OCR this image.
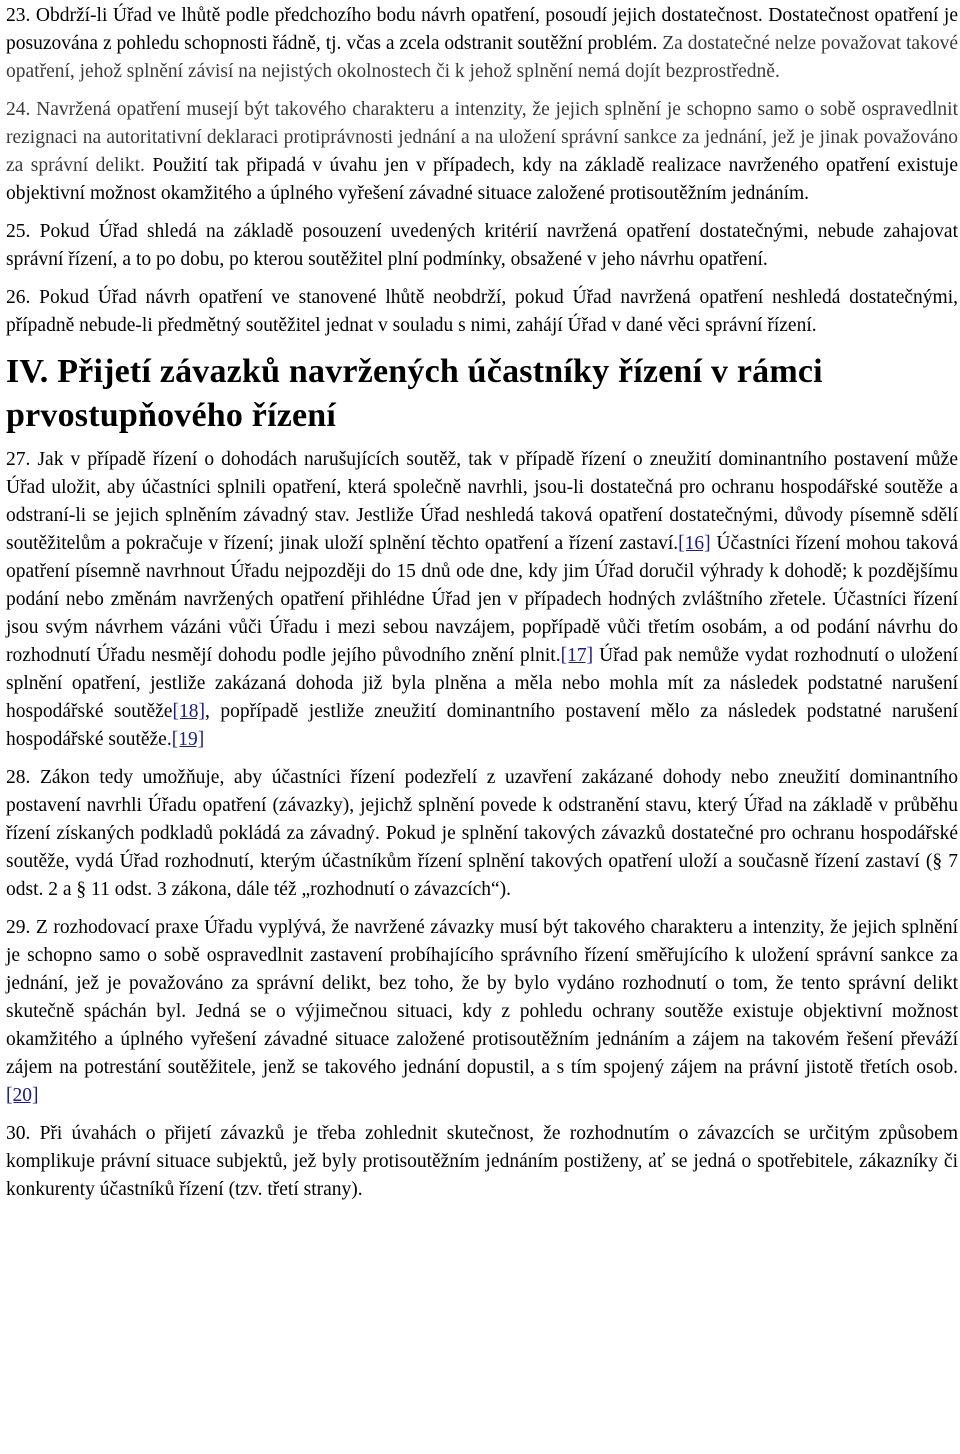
23. Obdrží-li Úřad ve lhůtě podle předchozího bodu návrh opatření, posoudí jejich dostatečnost. Dostatečnost opatření je posuzována z pohledu schopnosti řádně, tj. včas a zcela odstranit soutěžní problém. Za dostatečné nelze považovat takové opatření, jehož splnění závisí na nejistých okolnostech či k jehož splnění nemá dojít bezprostředně.

24. Navržená opatření musejí být takového charakteru a intenzity, že jejich splnění je schopno samo o sobě ospravedlnit rezignaci na autoritativní deklaraci protiprávnosti jednání a na uložení správní sankce za jednání, jež je jinak považováno za správní delikt. Použití tak připadá v úvahu jen v případech, kdy na základě realizace navrženého opatření existuje objektivní možnost okamžitého a úplného vyřešení závadné situace založené protisoutěžním jednáním.

25. Pokud Úřad shledá na základě posouzení uvedených kritérií navržená opatření dostatečnými, nebude zahajovat správní řízení, a to po dobu, po kterou soutěžitel plní podmínky, obsažené v jeho návrhu opatření.

26. Pokud Úřad návrh opatření ve stanovené lhůtě neobdrží, pokud Úřad navržená opatření neshledá dostatečnými, případně nebude-li předmětný soutěžitel jednat v souladu s nimi, zahájí Úřad v dané věci správní řízení.

IV. Přijetí závazků navržených účastníky řízení v rámci prvostupňového řízení

27. Jak v případě řízení o dohodách narušujících soutěž, tak v případě řízení o zneužití dominantního postavení může Úřad uložit, aby účastníci splnili opatření, která společně navrhli, jsou-li dostatečná pro ochranu hospodářské soutěže a odstraní-li se jejich splněním závadný stav. Jestliže Úřad neshledá taková opatření dostatečnými, důvody písemně sdělí soutěžitelům a pokračuje v řízení; jinak uloží splnění těchto opatření a řízení zastaví.[16] Účastníci řízení mohou taková opatření písemně navrhnout Úřadu nejpozději do 15 dnů ode dne, kdy jim Úřad doručil výhrady k dohodě; k pozdějšímu podání nebo změnám navržených opatření přihlédne Úřad jen v případech hodných zvláštního zřetele. Účastníci řízení jsou svým návrhem vázáni vůči Úřadu i mezi sebou navzájem, popřípadě vůči třetím osobám, a od podání návrhu do rozhodnutí Úřadu nesmějí dohodu podle jejího původního znění plnit.[17] Úřad pak nemůže vydat rozhodnutí o uložení splnění opatření, jestliže zakázaná dohoda již byla plněna a měla nebo mohla mít za následek podstatné narušení hospodářské soutěže[18], popřípadě jestliže zneužití dominantního postavení mělo za následek podstatné narušení hospodářské soutěže.[19]

28. Zákon tedy umožňuje, aby účastníci řízení podezřelí z uzavření zakázané dohody nebo zneužití dominantního postavení navrhli Úřadu opatření (závazky), jejichž splnění povede k odstranění stavu, který Úřad na základě v průběhu řízení získaných podkladů pokládá za závadný. Pokud je splnění takových závazků dostatečné pro ochranu hospodářské soutěže, vydá Úřad rozhodnutí, kterým účastníkům řízení splnění takových opatření uloží a současně řízení zastaví (§ 7 odst. 2 a § 11 odst. 3 zákona, dále též „rozhodnutí o závazcích“).

29. Z rozhodovací praxe Úřadu vyplývá, že navržené závazky musí být takového charakteru a intenzity, že jejich splnění je schopno samo o sobě ospravedlnit zastavení probíhajícího správního řízení směřujícího k uložení správní sankce za jednání, jež je považováno za správní delikt, bez toho, že by bylo vydáno rozhodnutí o tom, že tento správní delikt skutečně spáchán byl. Jedná se o výjimečnou situaci, kdy z pohledu ochrany soutěže existuje objektivní možnost okamžitého a úplného vyřešení závadné situace založené protisoutěžním jednáním a zájem na takovém řešení převáží zájem na potrestání soutěžitele, jenž se takového jednání dopustil, a s tím spojený zájem na právní jistotě třetích osob.[20]

30. Při úvahách o přijetí závazků je třeba zohlednit skutečnost, že rozhodnutím o závazcích se určitým způsobem komplikuje právní situace subjektů, jež byly protisoutěžním jednáním postiženy, ať se jedná o spotřebitele, zákazníky či konkurenty účastníků řízení (tzv. třetí strany).
